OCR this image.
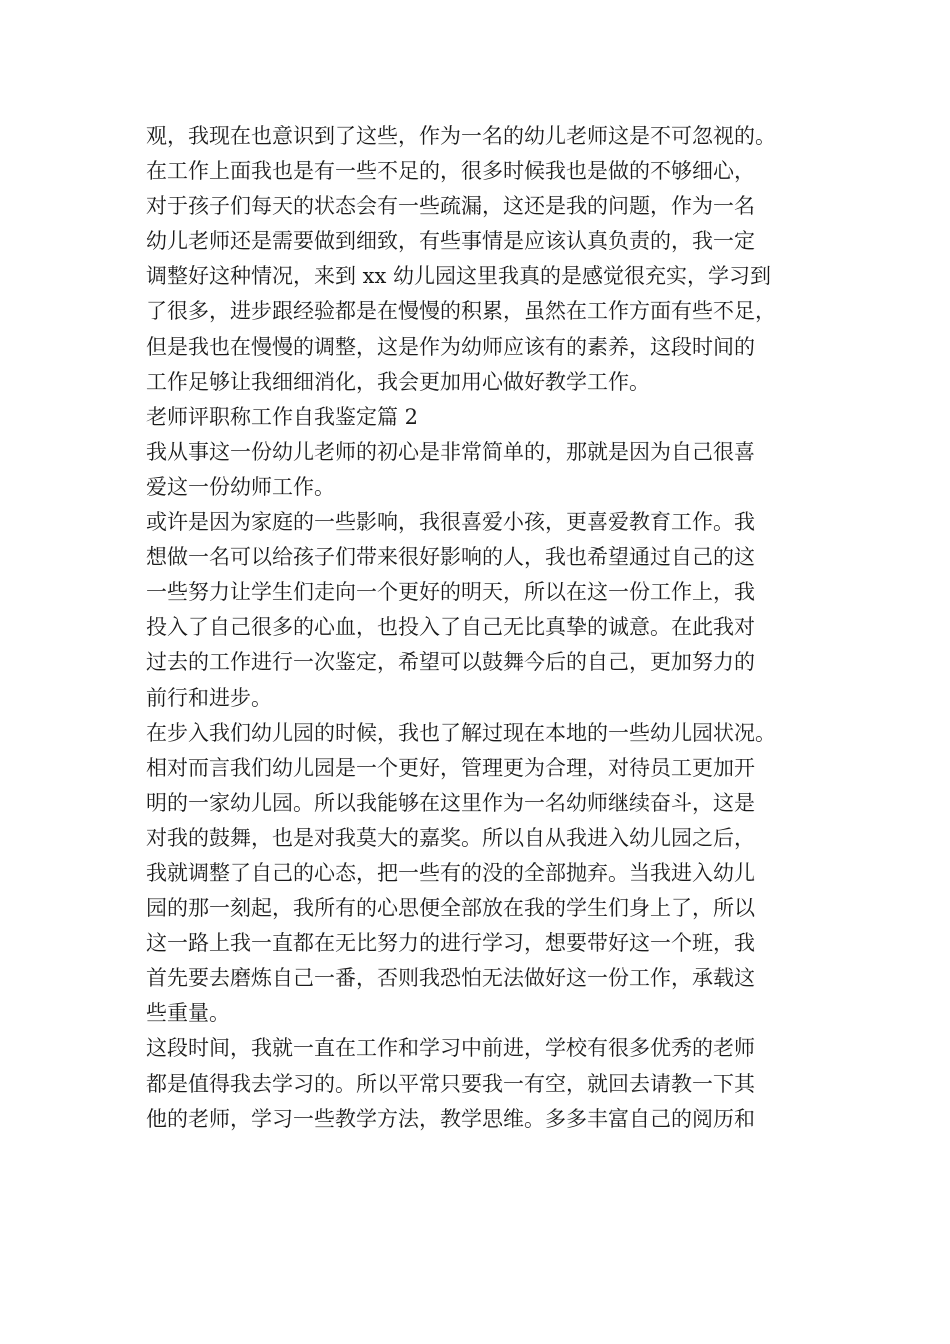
观，我现在也意识到了这些，作为一名的幼儿老师这是不可忽视的。
在工作上面我也是有一些不足的，很多时候我也是做的不够细心，
对于孩子们每天的状态会有一些疏漏，这还是我的问题，作为一名
幼儿老师还是需要做到细致，有些事情是应该认真负责的，我一定
调整好这种情况，来到 xx 幼儿园这里我真的是感觉很充实，学习到
了很多，进步跟经验都是在慢慢的积累，虽然在工作方面有些不足，
但是我也在慢慢的调整，这是作为幼师应该有的素养，这段时间的
工作足够让我细细消化，我会更加用心做好教学工作。
老师评职称工作自我鉴定篇 2
我从事这一份幼儿老师的初心是非常简单的，那就是因为自己很喜
爱这一份幼师工作。
或许是因为家庭的一些影响，我很喜爱小孩，更喜爱教育工作。我
想做一名可以给孩子们带来很好影响的人，我也希望通过自己的这
一些努力让学生们走向一个更好的明天，所以在这一份工作上，我
投入了自己很多的心血，也投入了自己无比真挚的诚意。在此我对
过去的工作进行一次鉴定，希望可以鼓舞今后的自己，更加努力的
前行和进步。
在步入我们幼儿园的时候，我也了解过现在本地的一些幼儿园状况。
相对而言我们幼儿园是一个更好，管理更为合理，对待员工更加开
明的一家幼儿园。所以我能够在这里作为一名幼师继续奋斗，这是
对我的鼓舞，也是对我莫大的嘉奖。所以自从我进入幼儿园之后，
我就调整了自己的心态，把一些有的没的全部抛弃。当我进入幼儿
园的那一刻起，我所有的心思便全部放在我的学生们身上了，所以
这一路上我一直都在无比努力的进行学习，想要带好这一个班，我
首先要去磨炼自己一番，否则我恐怕无法做好这一份工作，承载这
些重量。
这段时间，我就一直在工作和学习中前进，学校有很多优秀的老师
都是值得我去学习的。所以平常只要我一有空，就回去请教一下其
他的老师，学习一些教学方法，教学思维。多多丰富自己的阅历和
